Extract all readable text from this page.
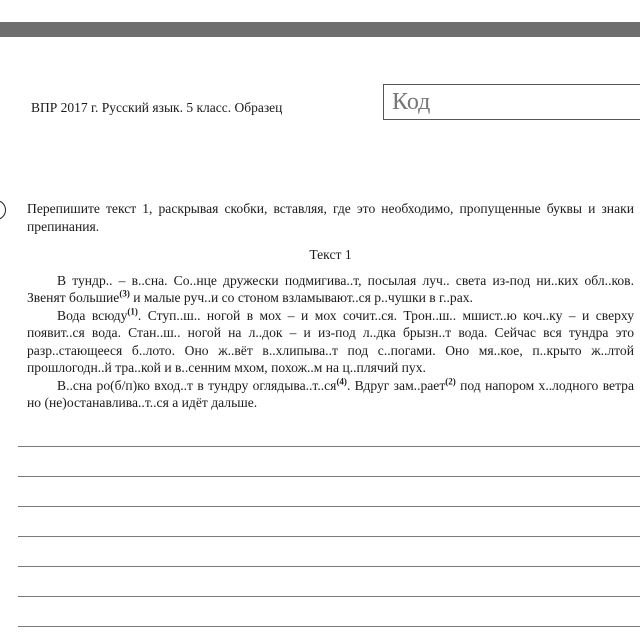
ВПР 2017 г. Русский язык. 5 класс. Образец	Код

Перепишите текст 1, раскрывая скобки, вставляя, где это необходимо, пропущенные буквы и знаки препинания.

Текст 1

В тундр.. – в..сна. Со..нце дружески подмигива..т, посылая луч.. света из-под ни..ких обл..ков. Звенят большие$^{(3)}$ и малые руч..и со стоном взламывают..ся р..чушки в г..рах.

Вода всюду$^{(1)}$. Ступ..ш.. ногой в мох – и мох сочит..ся. Трон..ш.. мшист..ю коч..ку – и сверху появит..ся вода. Стан..ш.. ногой на л..док – и из-под л..дка брызн..т вода. Сейчас вся тундра это разр..стающееся б..лото. Оно ж..вёт в..хлипыва..т под с..погами. Оно мя..кое, п..крыто ж..лтой прошлогодн..й тра..кой и в..сенним мхом, похож..м на ц..плячий пух.

В..сна ро(б/п)ко вход..т в тундру $оглядыва..т..ся^{(4)}$. Вдруг зам..рает$^{(2)}$ под напором х..лодного ветра но (не)останавлива..т..ся а идёт дальше.
